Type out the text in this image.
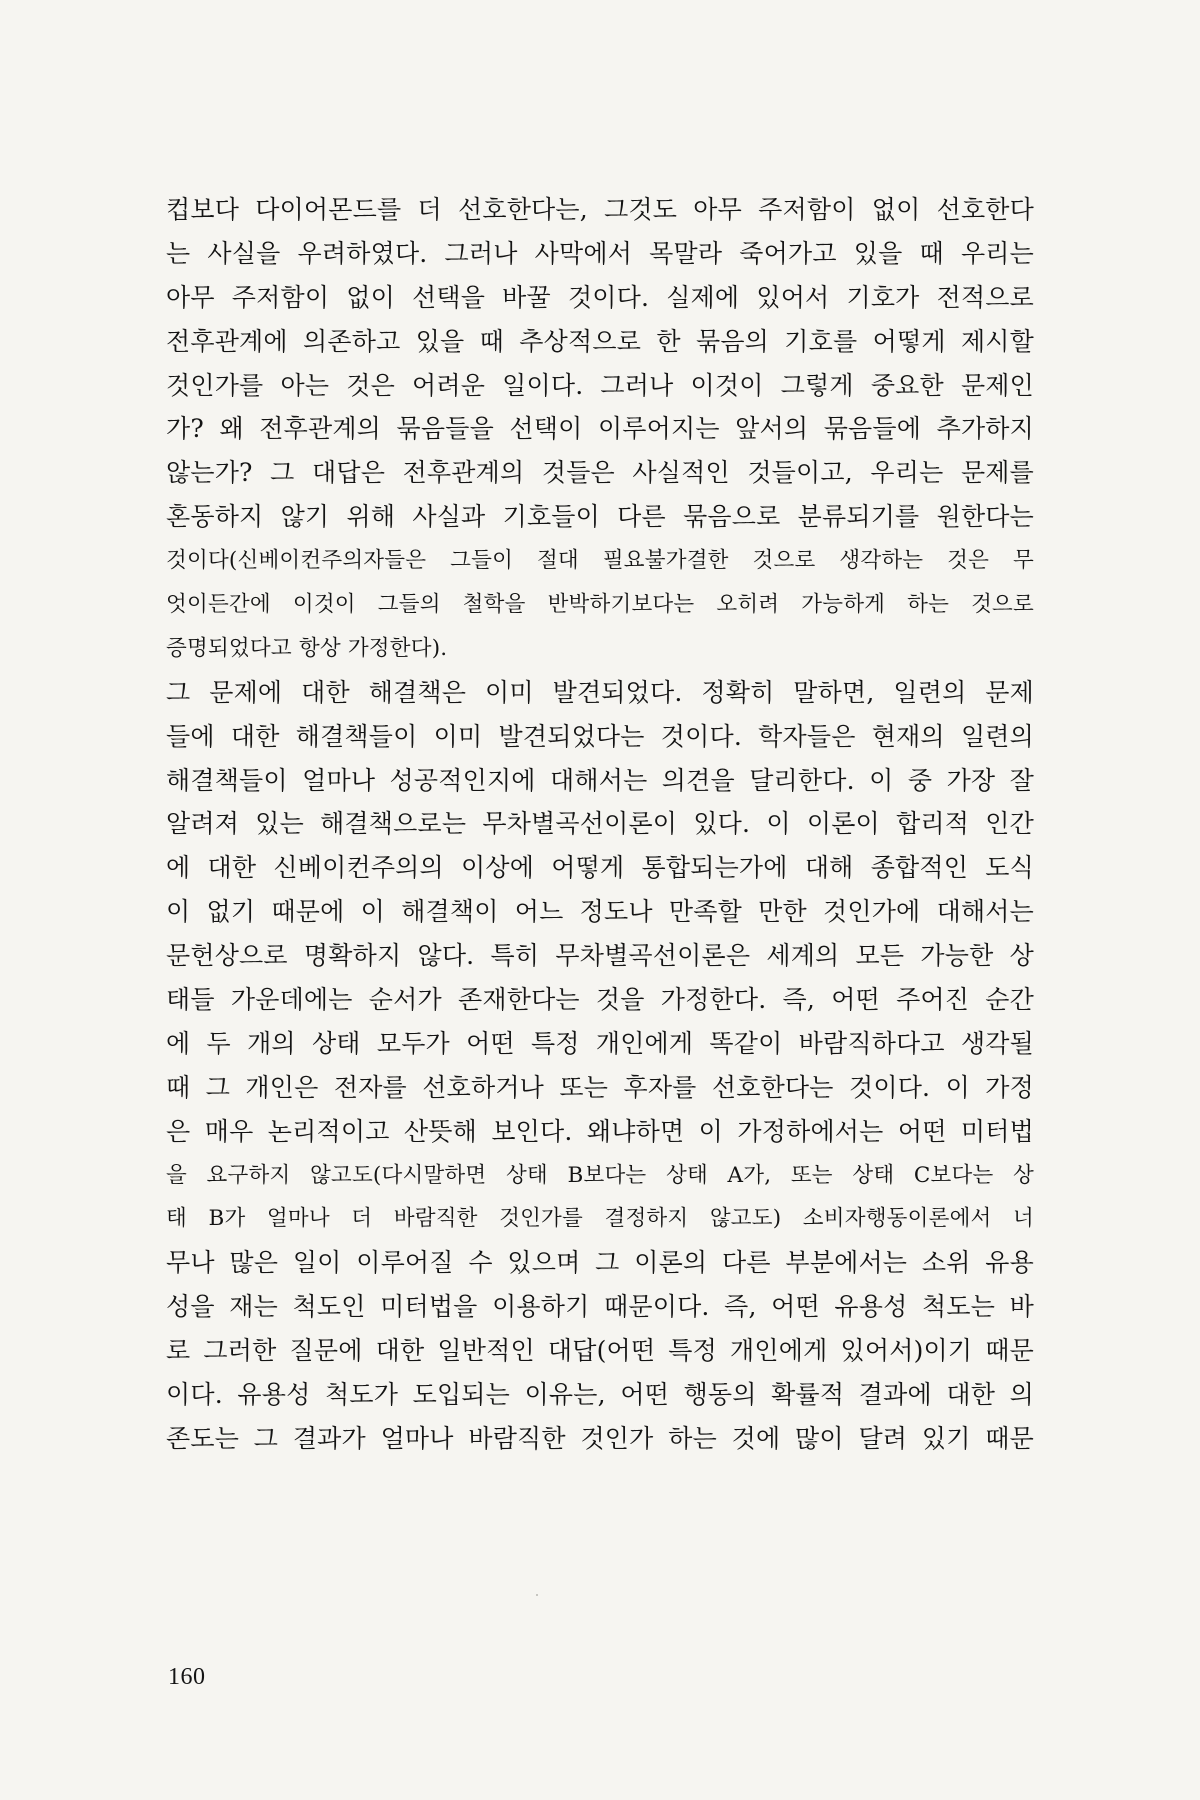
컵보다 다이어몬드를 더 선호한다는, 그것도 아무 주저함이 없이 선호한다
는 사실을 우려하였다. 그러나 사막에서 목말라 죽어가고 있을 때 우리는
아무 주저함이 없이 선택을 바꿀 것이다. 실제에 있어서 기호가 전적으로
전후관계에 의존하고 있을 때 추상적으로 한 묶음의 기호를 어떻게 제시할
것인가를 아는 것은 어려운 일이다. 그러나 이것이 그렇게 중요한 문제인
가? 왜 전후관계의 묶음들을 선택이 이루어지는 앞서의 묶음들에 추가하지
않는가? 그 대답은 전후관계의 것들은 사실적인 것들이고, 우리는 문제를
혼동하지 않기 위해 사실과 기호들이 다른 묶음으로 분류되기를 원한다는
것이다(신베이컨주의자들은 그들이 절대 필요불가결한 것으로 생각하는 것은 무
엇이든간에 이것이 그들의 철학을 반박하기보다는 오히려 가능하게 하는 것으로
증명되었다고 항상 가정한다).
그 문제에 대한 해결책은 이미 발견되었다. 정확히 말하면, 일련의 문제
들에 대한 해결책들이 이미 발견되었다는 것이다. 학자들은 현재의 일련의
해결책들이 얼마나 성공적인지에 대해서는 의견을 달리한다. 이 중 가장 잘
알려져 있는 해결책으로는 무차별곡선이론이 있다. 이 이론이 합리적 인간
에 대한 신베이컨주의의 이상에 어떻게 통합되는가에 대해 종합적인 도식
이 없기 때문에 이 해결책이 어느 정도나 만족할 만한 것인가에 대해서는
문헌상으로 명확하지 않다. 특히 무차별곡선이론은 세계의 모든 가능한 상
태들 가운데에는 순서가 존재한다는 것을 가정한다. 즉, 어떤 주어진 순간
에 두 개의 상태 모두가 어떤 특정 개인에게 똑같이 바람직하다고 생각될
때 그 개인은 전자를 선호하거나 또는 후자를 선호한다는 것이다. 이 가정
은 매우 논리적이고 산뜻해 보인다. 왜냐하면 이 가정하에서는 어떤 미터법
을 요구하지 않고도(다시말하면 상태 B보다는 상태 A가, 또는 상태 C보다는 상
태 B가 얼마나 더 바람직한 것인가를 결정하지 않고도) 소비자행동이론에서 너
무나 많은 일이 이루어질 수 있으며 그 이론의 다른 부분에서는 소위 유용
성을 재는 척도인 미터법을 이용하기 때문이다. 즉, 어떤 유용성 척도는 바
로 그러한 질문에 대한 일반적인 대답(어떤 특정 개인에게 있어서)이기 때문
이다. 유용성 척도가 도입되는 이유는, 어떤 행동의 확률적 결과에 대한 의
존도는 그 결과가 얼마나 바람직한 것인가 하는 것에 많이 달려 있기 때문
160
